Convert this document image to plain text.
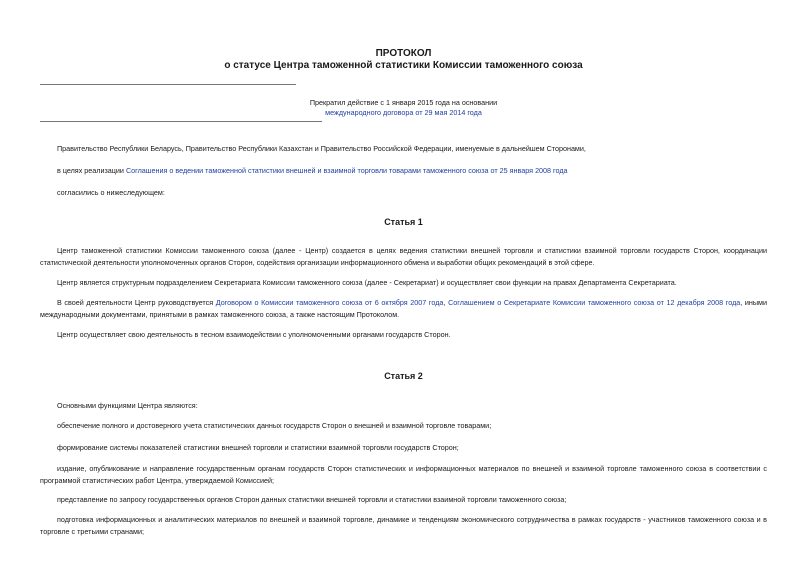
ПРОТОКОЛ
о статусе Центра таможенной статистики Комиссии таможенного союза
Прекратил действие с 1 января 2015 года на основании
международного договора от 29 мая 2014 года
Правительство Республики Беларусь, Правительство Республики Казахстан и Правительство Российской Федерации, именуемые в дальнейшем Сторонами,
в целях реализации Соглашения о ведении таможенной статистики внешней и взаимной торговли товарами таможенного союза от 25 января 2008 года
согласились о нижеследующем:
Статья 1
Центр таможенной статистики Комиссии таможенного союза (далее - Центр) создается в целях ведения статистики внешней торговли и статистики взаимной торговли государств Сторон, координации статистической деятельности уполномоченных органов Сторон, содействия организации информационного обмена и выработки общих рекомендаций в этой сфере.
Центр является структурным подразделением Секретариата Комиссии таможенного союза (далее - Секретариат) и осуществляет свои функции на правах Департамента Секретариата.
В своей деятельности Центр руководствуется Договором о Комиссии таможенного союза от 6 октября 2007 года, Соглашением о Секретариате Комиссии таможенного союза от 12 декабря 2008 года, иными международными документами, принятыми в рамках таможенного союза, а также настоящим Протоколом.
Центр осуществляет свою деятельность в тесном взаимодействии с уполномоченными органами государств Сторон.
Статья 2
Основными функциями Центра являются:
обеспечение полного и достоверного учета статистических данных государств Сторон о внешней и взаимной торговле товарами;
формирование системы показателей статистики внешней торговли и статистики взаимной торговли государств Сторон;
издание, опубликование и направление государственным органам государств Сторон статистических и информационных материалов по внешней и взаимной торговле таможенного союза в соответствии с программой статистических работ Центра, утверждаемой Комиссией;
представление по запросу государственных органов Сторон данных статистики внешней торговли и статистики взаимной торговли таможенного союза;
подготовка информационных и аналитических материалов по внешней и взаимной торговле, динамике и тенденциям экономического сотрудничества в рамках государств - участников таможенного союза и в торговле с третьими странами;
